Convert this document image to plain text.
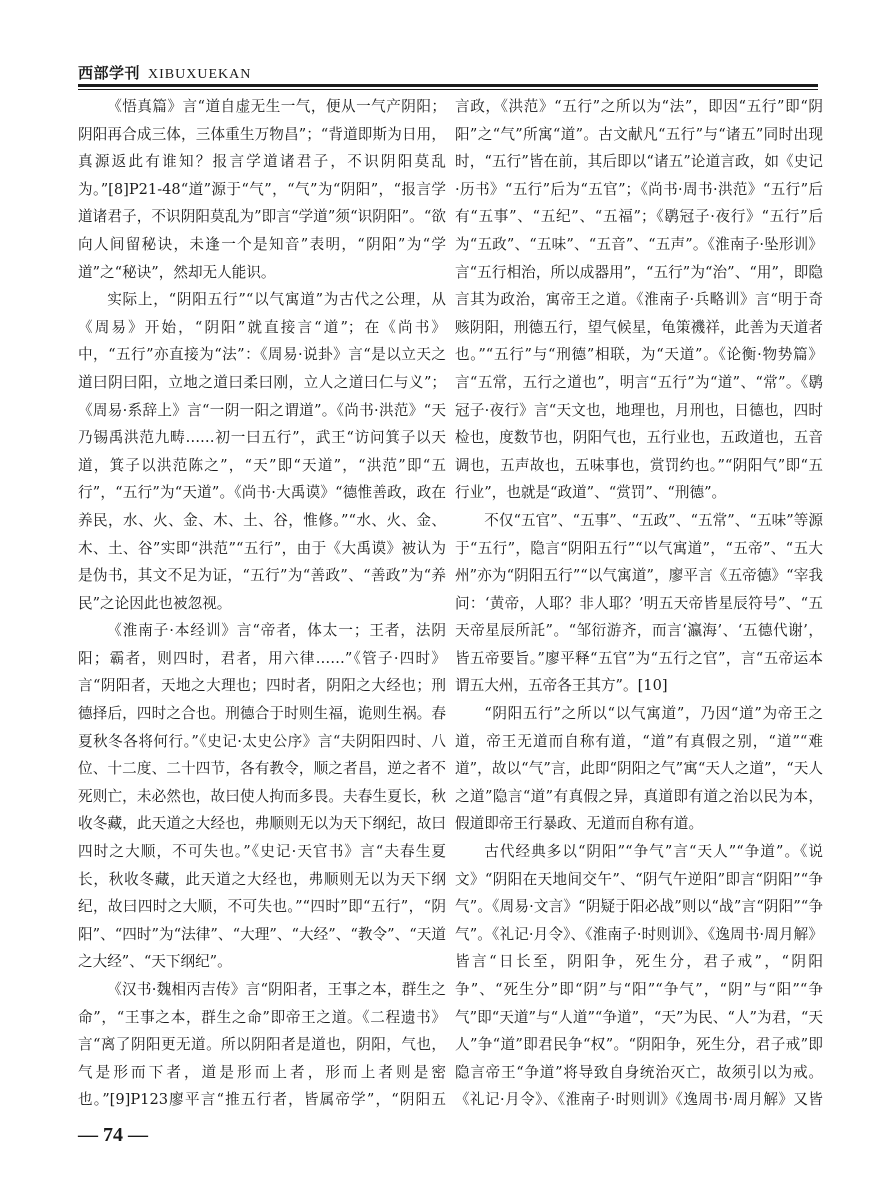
西部学刊 XIBUXUEKAN

《悟真篇》言“道自虚无生一气，便从一气产阴阳；阴阳再合成三体，三体重生万物昌”；“背道即斯为日用，真源返此有谁知？报言学道诸君子，不识阴阳莫乱为。”[8]P21-48“道”源于“气”，“气”为“阴阳”，“报言学道诸君子，不识阴阳莫乱为”即言“学道”须“识阴阳”。“欲向人间留秘诀，未逢一个是知音”表明，“阴阳”为“学道”之“秘诀”，然却无人能识。

实际上，“阴阳五行”“以气寓道”为古代之公理，从《周易》开始，“阴阳”就直接言“道”；在《尚书》中，“五行”亦直接为“法”：《周易·说卦》言“是以立天之道曰阴曰阳，立地之道曰柔曰刚，立人之道曰仁与义”；《周易·系辞上》言“一阴一阳之谓道”。《尚书·洪范》“天乃锡禹洪范九畴……初一曰五行”，武王“访问箕子以天道，箕子以洪范陈之”，“天”即“天道”，“洪范”即“五行”，“五行”为“天道”。《尚书·大禹谟》“德惟善政，政在养民，水、火、金、木、土、谷，惟修。”“水、火、金、木、土、谷”实即“洪范”“五行”，由于《大禹谟》被认为是伪书，其文不足为证，“五行”为“善政”、“善政”为“养民”之论因此也被忽视。

《淮南子·本经训》言“帝者，体太一；王者，法阴阳；霸者，则四时，君者，用六律……”《管子·四时》言“阴阳者，天地之大理也；四时者，阴阳之大经也；刑德择后，四时之合也。刑德合于时则生福，诡则生祸。春夏秋冬各将何行。”《史记·太史公序》言“夫阴阳四时、八位、十二度、二十四节，各有教令，顺之者昌，逆之者不死则亡，未必然也，故曰使人拘而多畏。夫春生夏长，秋收冬藏，此天道之大经也，弗顺则无以为天下纲纪，故曰四时之大顺，不可失也。”《史记·天官书》言“夫春生夏长，秋收冬藏，此天道之大经也，弗顺则无以为天下纲纪，故曰四时之大顺，不可失也。”“四时”即“五行”，“阴阳”、“四时”为“法律”、“大理”、“大经”、“教令”、“天道之大经”、“天下纲纪”。

《汉书·魏相丙吉传》言“阴阳者，王事之本，群生之命”，“王事之本，群生之命”即帝王之道。《二程遗书》言“离了阴阳更无道。所以阴阳者是道也，阴阳，气也，气是形而下者，道是形而上者，形而上者则是密也。”[9]P123廖平言“推五行者，皆属帝学”，“阴阳五

言政，《洪范》“五行”之所以为“法”，即因“五行”即“阴阳”之“气”所寓“道”。古文献凡“五行”与“诸五”同时出现时，“五行”皆在前，其后即以“诸五”论道言政，如《史记·历书》“五行”后为“五官”；《尚书·周书·洪范》“五行”后有“五事”、“五纪”、“五福”；《鹖冠子·夜行》“五行”后为“五政”、“五味”、“五音”、“五声”。《淮南子·坠形训》言“五行相治，所以成器用”，“五行”为“治”、“用”，即隐言其为政治，寓帝王之道。《淮南子·兵略训》言“明于奇赅阴阳，刑德五行，望气候星，龟策禨祥，此善为天道者也。”“五行”与“刑德”相联，为“天道”。《论衡·物势篇》言“五常，五行之道也”，明言“五行”为“道”、“常”。《鹖冠子·夜行》言“天文也，地理也，月刑也，日德也，四时检也，度数节也，阴阳气也，五行业也，五政道也，五音调也，五声故也，五味事也，赏罚约也。”“阴阳气”即“五行业”，也就是“政道”、“赏罚”、“刑德”。

不仅“五官”、“五事”、“五政”、“五常”、“五味”等源于“五行”，隐言“阴阳五行”“以气寓道”，“五帝”、“五大州”亦为“阴阳五行”“以气寓道”，廖平言《五帝德》“宰我问：‘黄帝，人耶？非人耶？’明五天帝皆星辰符号”、“五天帝星辰所託”。“邹衍游齐，而言‘瀛海’、‘五德代谢’，皆五帝要旨。”廖平释“五官”为“五行之官”，言“五帝运本谓五大州，五帝各王其方”。[10]

“阴阳五行”之所以“以气寓道”，乃因“道”为帝王之道，帝王无道而自称有道，“道”有真假之别，“道”“难道”，故以“气”言，此即“阴阳之气”寓“天人之道”，“天人之道”隐言“道”有真假之异，真道即有道之治以民为本，假道即帝王行暴政、无道而自称有道。

古代经典多以“阴阳”“争气”言“天人”“争道”。《说文》“阴阳在天地间交午”、“阴气午逆阳”即言“阴阳”“争气”。《周易·文言》“阴疑于阳必战”则以“战”言“阴阳”“争气”。《礼记·月令》、《淮南子·时则训》、《逸周书·周月解》皆言“日长至，阴阳争，死生分，君子戒”，“阴阳争”、“死生分”即“阴”与“阳”“争气”，“阴”与“阳”“争气”即“天道”与“人道”“争道”，“天”为民、“人”为君，“天人”争“道”即君民争“权”。“阴阳争，死生分，君子戒”即隐言帝王“争道”将导致自身统治灭亡，故须引以为戒。《礼记·月令》、《淮南子·时则训》《逸周书·周月解》又皆

— 74 —
